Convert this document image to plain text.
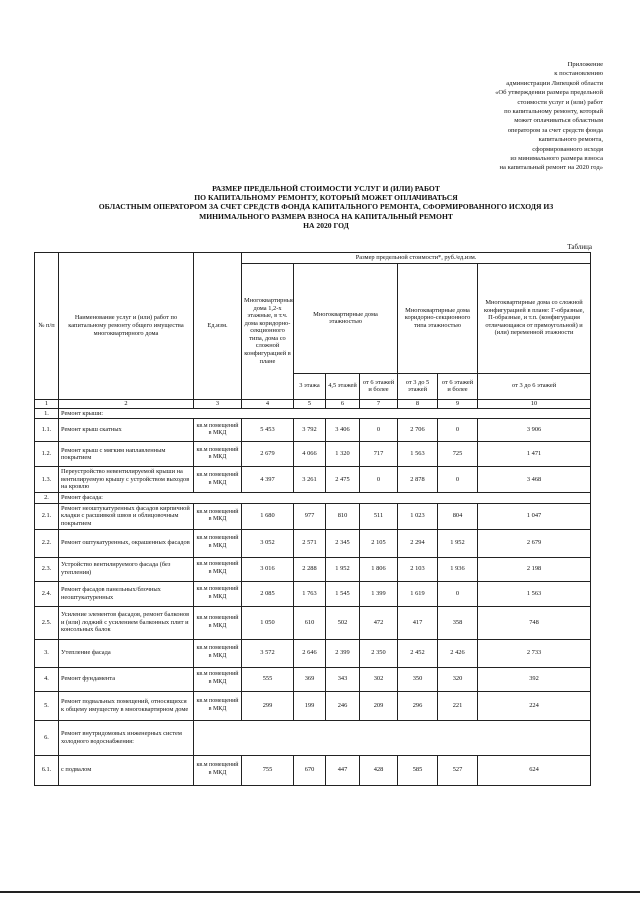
Приложение
к постановлению
администрации Липецкой области
«Об утверждении размера предельной
стоимости услуг и (или) работ
по капитальному ремонту, который
может оплачиваться областным
оператором за счет средств фонда
капитального ремонта,
сформированного исходя
из минимального размера взноса
на капитальный ремонт на 2020 год»
РАЗМЕР ПРЕДЕЛЬНОЙ СТОИМОСТИ УСЛУГ И (ИЛИ) РАБОТ
ПО КАПИТАЛЬНОМУ РЕМОНТУ, КОТОРЫЙ МОЖЕТ ОПЛАЧИВАТЬСЯ
ОБЛАСТНЫМ ОПЕРАТОРОМ ЗА СЧЕТ СРЕДСТВ ФОНДА КАПИТАЛЬНОГО РЕМОНТА, СФОРМИРОВАННОГО ИСХОДЯ ИЗ
МИНИМАЛЬНОГО РАЗМЕРА ВЗНОСА НА КАПИТАЛЬНЫЙ РЕМОНТ
НА 2020 ГОД
Таблица
№ п/п	Наименование услуг и (или) работ по капитальному ремонту общего имущества многоквартирного дома	Ед.изм.	Размер предельной стоимости*, руб./ед.изм.						
			Многоквартирные дома 1,2-х этажные, в т.ч. дома коридорно-секционного типа, дома со сложной конфигурацией в плане	Многоквартирные дома этажностью			Многоквартирные дома коридорно-секционного типа этажностью		Многоквартирные дома со сложной конфигурацией в плане: Г-образные, П-образные, и т.п. (конфигурация отличающаяся от прямоугольной) и (или) переменной этажности
				3 этажа	4,5 этажей	от 6 этажей и более	от 3 до 5 этажей	от 6 этажей и более	от 3 до 6 этажей
1	2	3	4	5	6	7	8	9	10
1.	Ремонт крыши:								
1.1.	Ремонт крыш скатных	кв.м помещений в МКД	5 453	3 792	3 406	0	2 706	0	3 906
1.2.	Ремонт крыш с мягким наплавленным покрытием	кв.м помещений в МКД	2 679	4 066	1 320	717	1 563	725	1 471
1.3.	Переустройство невентилируемой крыши на вентилируемую крышу с устройством выходов на кровлю	кв.м помещений в МКД	4 397	3 261	2 475	0	2 878	0	3 468
2.	Ремонт фасада:								
2.1.	Ремонт неоштукатуренных фасадов кирпичной кладки с расшивкой швов и облицовочным покрытием	кв.м помещений в МКД	1 680	977	810	511	1 023	804	1 047
2.2.	Ремонт оштукатуренных, окрашенных фасадов	кв.м помещений в МКД	3 052	2 571	2 345	2 105	2 294	1 952	2 679
2.3.	Устройство вентилируемого фасада (без утепления)	кв.м помещений в МКД	3 016	2 288	1 952	1 806	2 103	1 936	2 198
2.4.	Ремонт фасадов панельных/блочных неоштукатуренных	кв.м помещений в МКД	2 085	1 763	1 545	1 399	1 619	0	1 563
2.5.	Усиление элементов фасадов, ремонт балконов и (или) лоджий с усилением балконных плит и консольных балок	кв.м помещений в МКД	1 050	610	502	472	417	358	748
3.	Утепление фасада	кв.м помещений в МКД	3 572	2 646	2 399	2 350	2 452	2 426	2 733
4.	Ремонт фундамента	кв.м помещений в МКД	555	369	343	302	350	320	392
5.	Ремонт подвальных помещений, относящихся к общему имуществу в многоквартирном доме	кв.м помещений в МКД	299	199	246	209	296	221	224
6.	Ремонт внутридомовых инженерных систем холодного водоснабжения:								
6.1.	с подвалом	кв.м помещений в МКД	755	670	447	428	585	527	624
